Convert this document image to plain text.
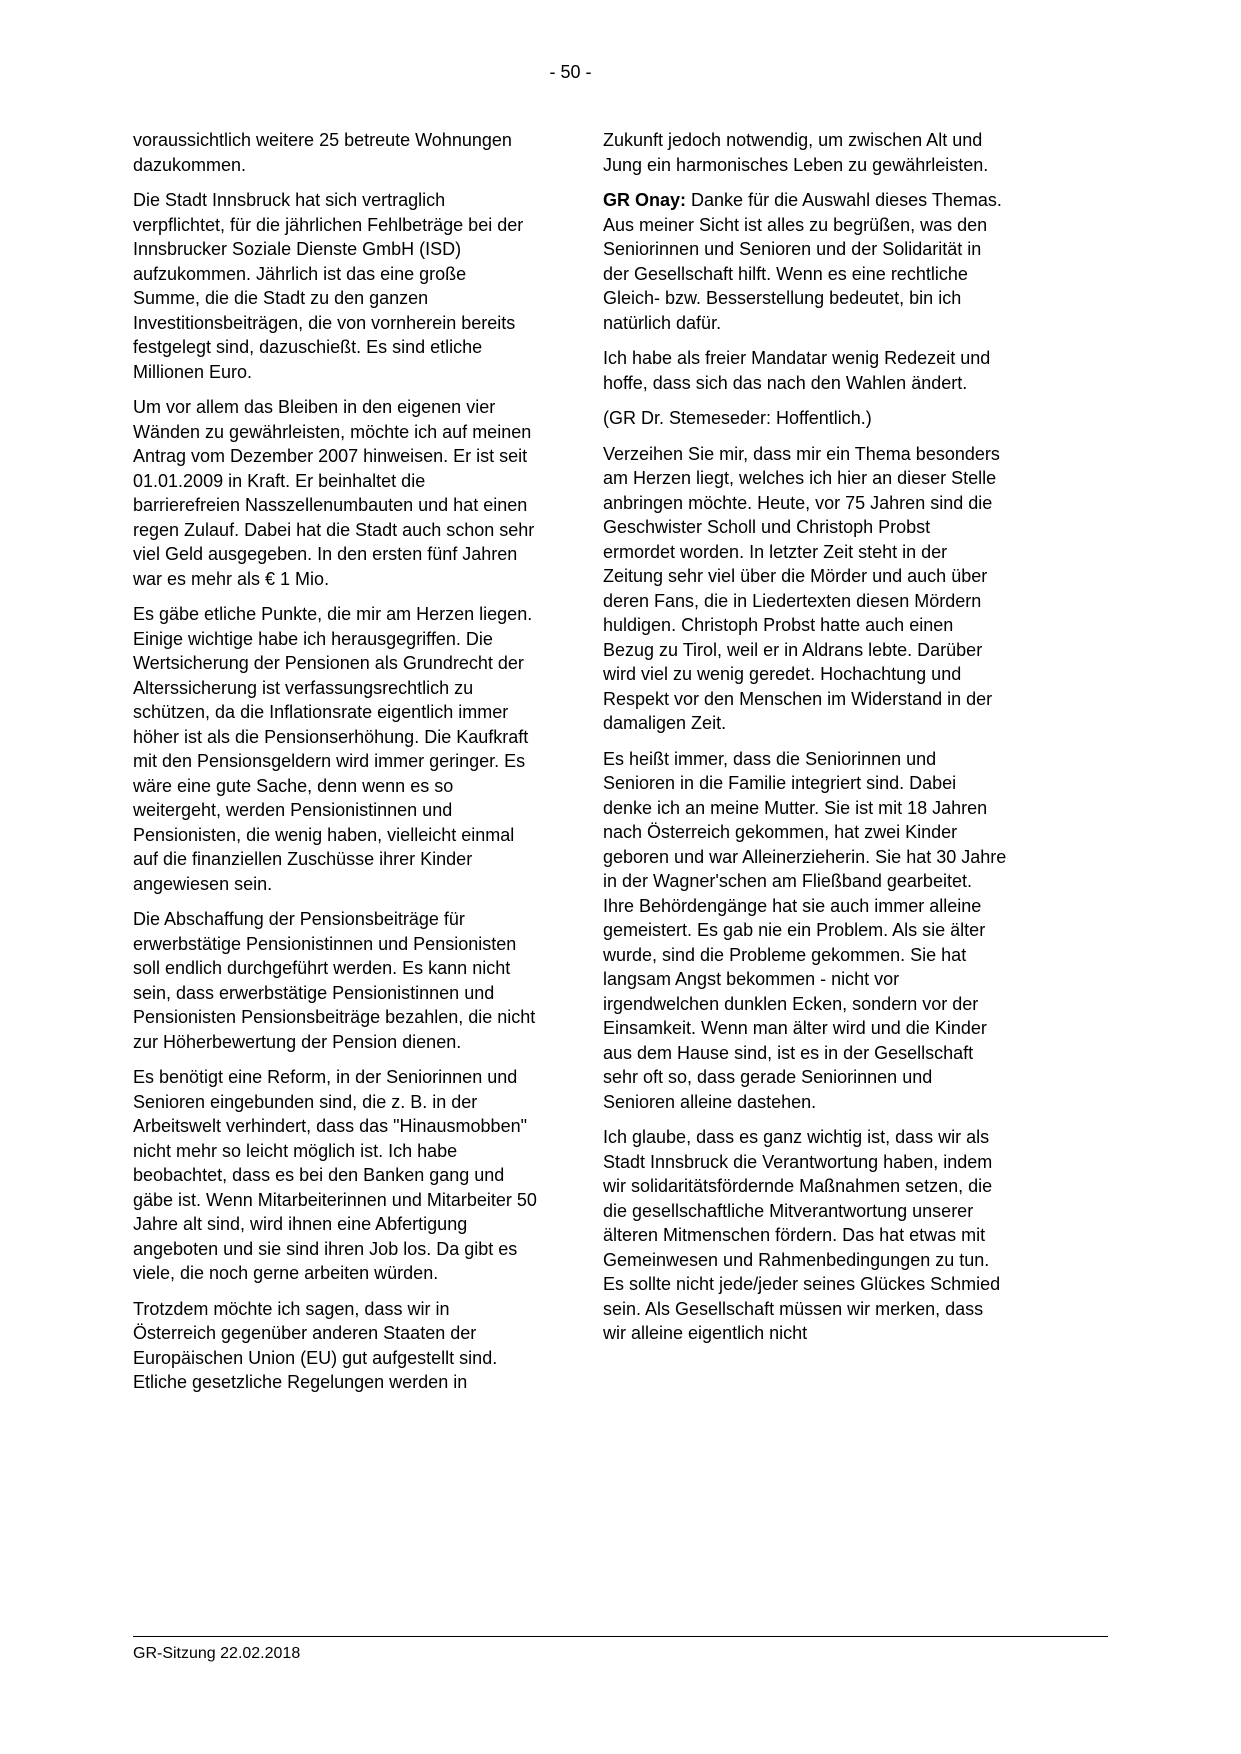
- 50 -

voraussichtlich weitere 25 betreute Wohnungen dazukommen.

Die Stadt Innsbruck hat sich vertraglich verpflichtet, für die jährlichen Fehlbeträge bei der Innsbrucker Soziale Dienste GmbH (ISD) aufzukommen. Jährlich ist das eine große Summe, die die Stadt zu den ganzen Investitionsbeiträgen, die von vornherein bereits festgelegt sind, dazuschießt. Es sind etliche Millionen Euro.

Um vor allem das Bleiben in den eigenen vier Wänden zu gewährleisten, möchte ich auf meinen Antrag vom Dezember 2007 hinweisen. Er ist seit 01.01.2009 in Kraft. Er beinhaltet die barrierefreien Nasszellenumbauten und hat einen regen Zulauf. Dabei hat die Stadt auch schon sehr viel Geld ausgegeben. In den ersten fünf Jahren war es mehr als € 1 Mio.

Es gäbe etliche Punkte, die mir am Herzen liegen. Einige wichtige habe ich herausgegriffen. Die Wertsicherung der Pensionen als Grundrecht der Alterssicherung ist verfassungsrechtlich zu schützen, da die Inflationsrate eigentlich immer höher ist als die Pensionserhöhung. Die Kaufkraft mit den Pensionsgeldern wird immer geringer. Es wäre eine gute Sache, denn wenn es so weitergeht, werden Pensionistinnen und Pensionisten, die wenig haben, vielleicht einmal auf die finanziellen Zuschüsse ihrer Kinder angewiesen sein.

Die Abschaffung der Pensionsbeiträge für erwerbstätige Pensionistinnen und Pensionisten soll endlich durchgeführt werden. Es kann nicht sein, dass erwerbstätige Pensionistinnen und Pensionisten Pensionsbeiträge bezahlen, die nicht zur Höherbewertung der Pension dienen.

Es benötigt eine Reform, in der Seniorinnen und Senioren eingebunden sind, die z. B. in der Arbeitswelt verhindert, dass das "Hinausmobben" nicht mehr so leicht möglich ist. Ich habe beobachtet, dass es bei den Banken gang und gäbe ist. Wenn Mitarbeiterinnen und Mitarbeiter 50 Jahre alt sind, wird ihnen eine Abfertigung angeboten und sie sind ihren Job los. Da gibt es viele, die noch gerne arbeiten würden.

Trotzdem möchte ich sagen, dass wir in Österreich gegenüber anderen Staaten der Europäischen Union (EU) gut aufgestellt sind. Etliche gesetzliche Regelungen werden in

Zukunft jedoch notwendig, um zwischen Alt und Jung ein harmonisches Leben zu gewährleisten.

GR Onay: Danke für die Auswahl dieses Themas. Aus meiner Sicht ist alles zu begrüßen, was den Seniorinnen und Senioren und der Solidarität in der Gesellschaft hilft. Wenn es eine rechtliche Gleich- bzw. Besserstellung bedeutet, bin ich natürlich dafür.

Ich habe als freier Mandatar wenig Redezeit und hoffe, dass sich das nach den Wahlen ändert.

(GR Dr. Stemeseder: Hoffentlich.)

Verzeihen Sie mir, dass mir ein Thema besonders am Herzen liegt, welches ich hier an dieser Stelle anbringen möchte. Heute, vor 75 Jahren sind die Geschwister Scholl und Christoph Probst ermordet worden. In letzter Zeit steht in der Zeitung sehr viel über die Mörder und auch über deren Fans, die in Liedertexten diesen Mördern huldigen. Christoph Probst hatte auch einen Bezug zu Tirol, weil er in Aldrans lebte. Darüber wird viel zu wenig geredet. Hochachtung und Respekt vor den Menschen im Widerstand in der damaligen Zeit.

Es heißt immer, dass die Seniorinnen und Senioren in die Familie integriert sind. Dabei denke ich an meine Mutter. Sie ist mit 18 Jahren nach Österreich gekommen, hat zwei Kinder geboren und war Alleinerzieherin. Sie hat 30 Jahre in der Wagner'schen am Fließband gearbeitet. Ihre Behördengänge hat sie auch immer alleine gemeistert. Es gab nie ein Problem. Als sie älter wurde, sind die Probleme gekommen. Sie hat langsam Angst bekommen - nicht vor irgendwelchen dunklen Ecken, sondern vor der Einsamkeit. Wenn man älter wird und die Kinder aus dem Hause sind, ist es in der Gesellschaft sehr oft so, dass gerade Seniorinnen und Senioren alleine dastehen.

Ich glaube, dass es ganz wichtig ist, dass wir als Stadt Innsbruck die Verantwortung haben, indem wir solidaritätsfördernde Maßnahmen setzen, die die gesellschaftliche Mitverantwortung unserer älteren Mitmenschen fördern. Das hat etwas mit Gemeinwesen und Rahmenbedingungen zu tun. Es sollte nicht jede/jeder seines Glückes Schmied sein. Als Gesellschaft müssen wir merken, dass wir alleine eigentlich nicht

GR-Sitzung 22.02.2018
